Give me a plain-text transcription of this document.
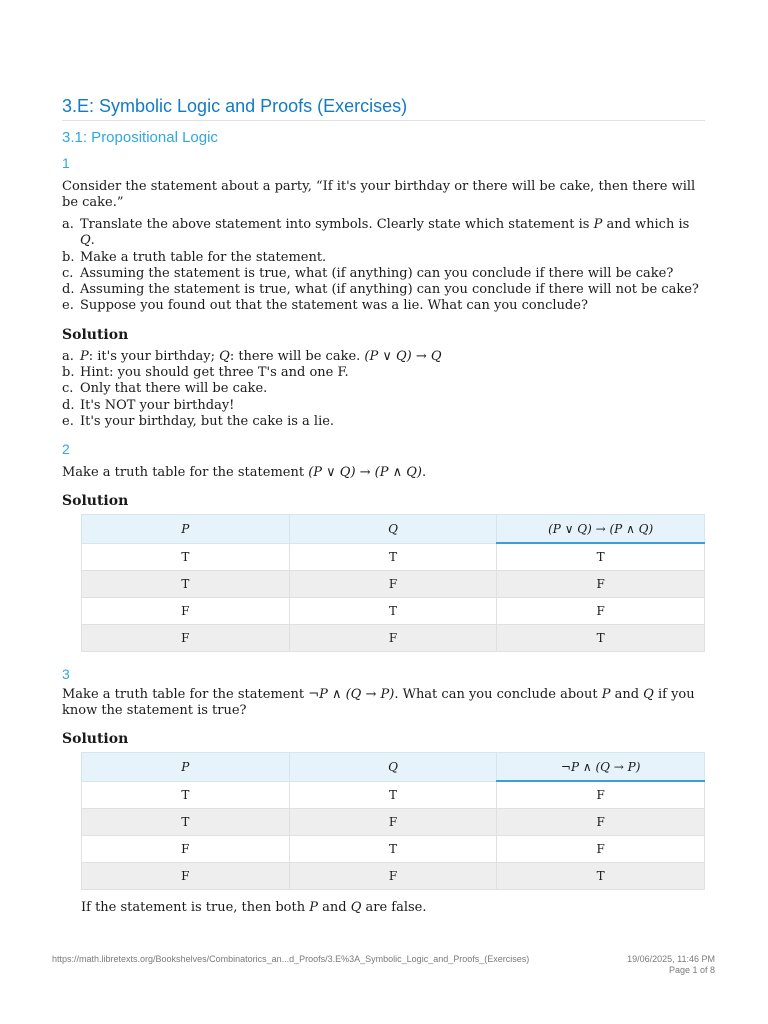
3.E: Symbolic Logic and Proofs (Exercises)
3.1: Propositional Logic
1

Consider the statement about a party, “If it's your birthday or there will be cake, then there will be cake.”

a. Translate the above statement into symbols. Clearly state which statement is P and which is Q.
b. Make a truth table for the statement.
c. Assuming the statement is true, what (if anything) can you conclude if there will be cake?
d. Assuming the statement is true, what (if anything) can you conclude if there will not be cake?
e. Suppose you found out that the statement was a lie. What can you conclude?
Solution
a. P: it's your birthday; Q: there will be cake. (P ∨ Q) → Q
b. Hint: you should get three T's and one F.
c. Only that there will be cake.
d. It's NOT your birthday!
e. It's your birthday, but the cake is a lie.
2

Make a truth table for the statement (P ∨ Q) → (P ∧ Q).

Solution
P	Q	(P ∨ Q) → (P ∧ Q)
T	T	T
T	F	F
F	T	F
F	F	T
3

Make a truth table for the statement ¬P ∧ (Q → P). What can you conclude about P and Q if you know the statement is true?

Solution
P	Q	¬P ∧ (Q → P)
T	T	F
T	F	F
F	T	F
F	F	T

If the statement is true, then both P and Q are false.

https://math.libretexts.org/Bookshelves/Combinatorics_an...d_Proofs/3.E%3A_Symbolic_Logic_and_Proofs_(Exercises)	19/06/2025, 11:46 PM
Page 1 of 8
